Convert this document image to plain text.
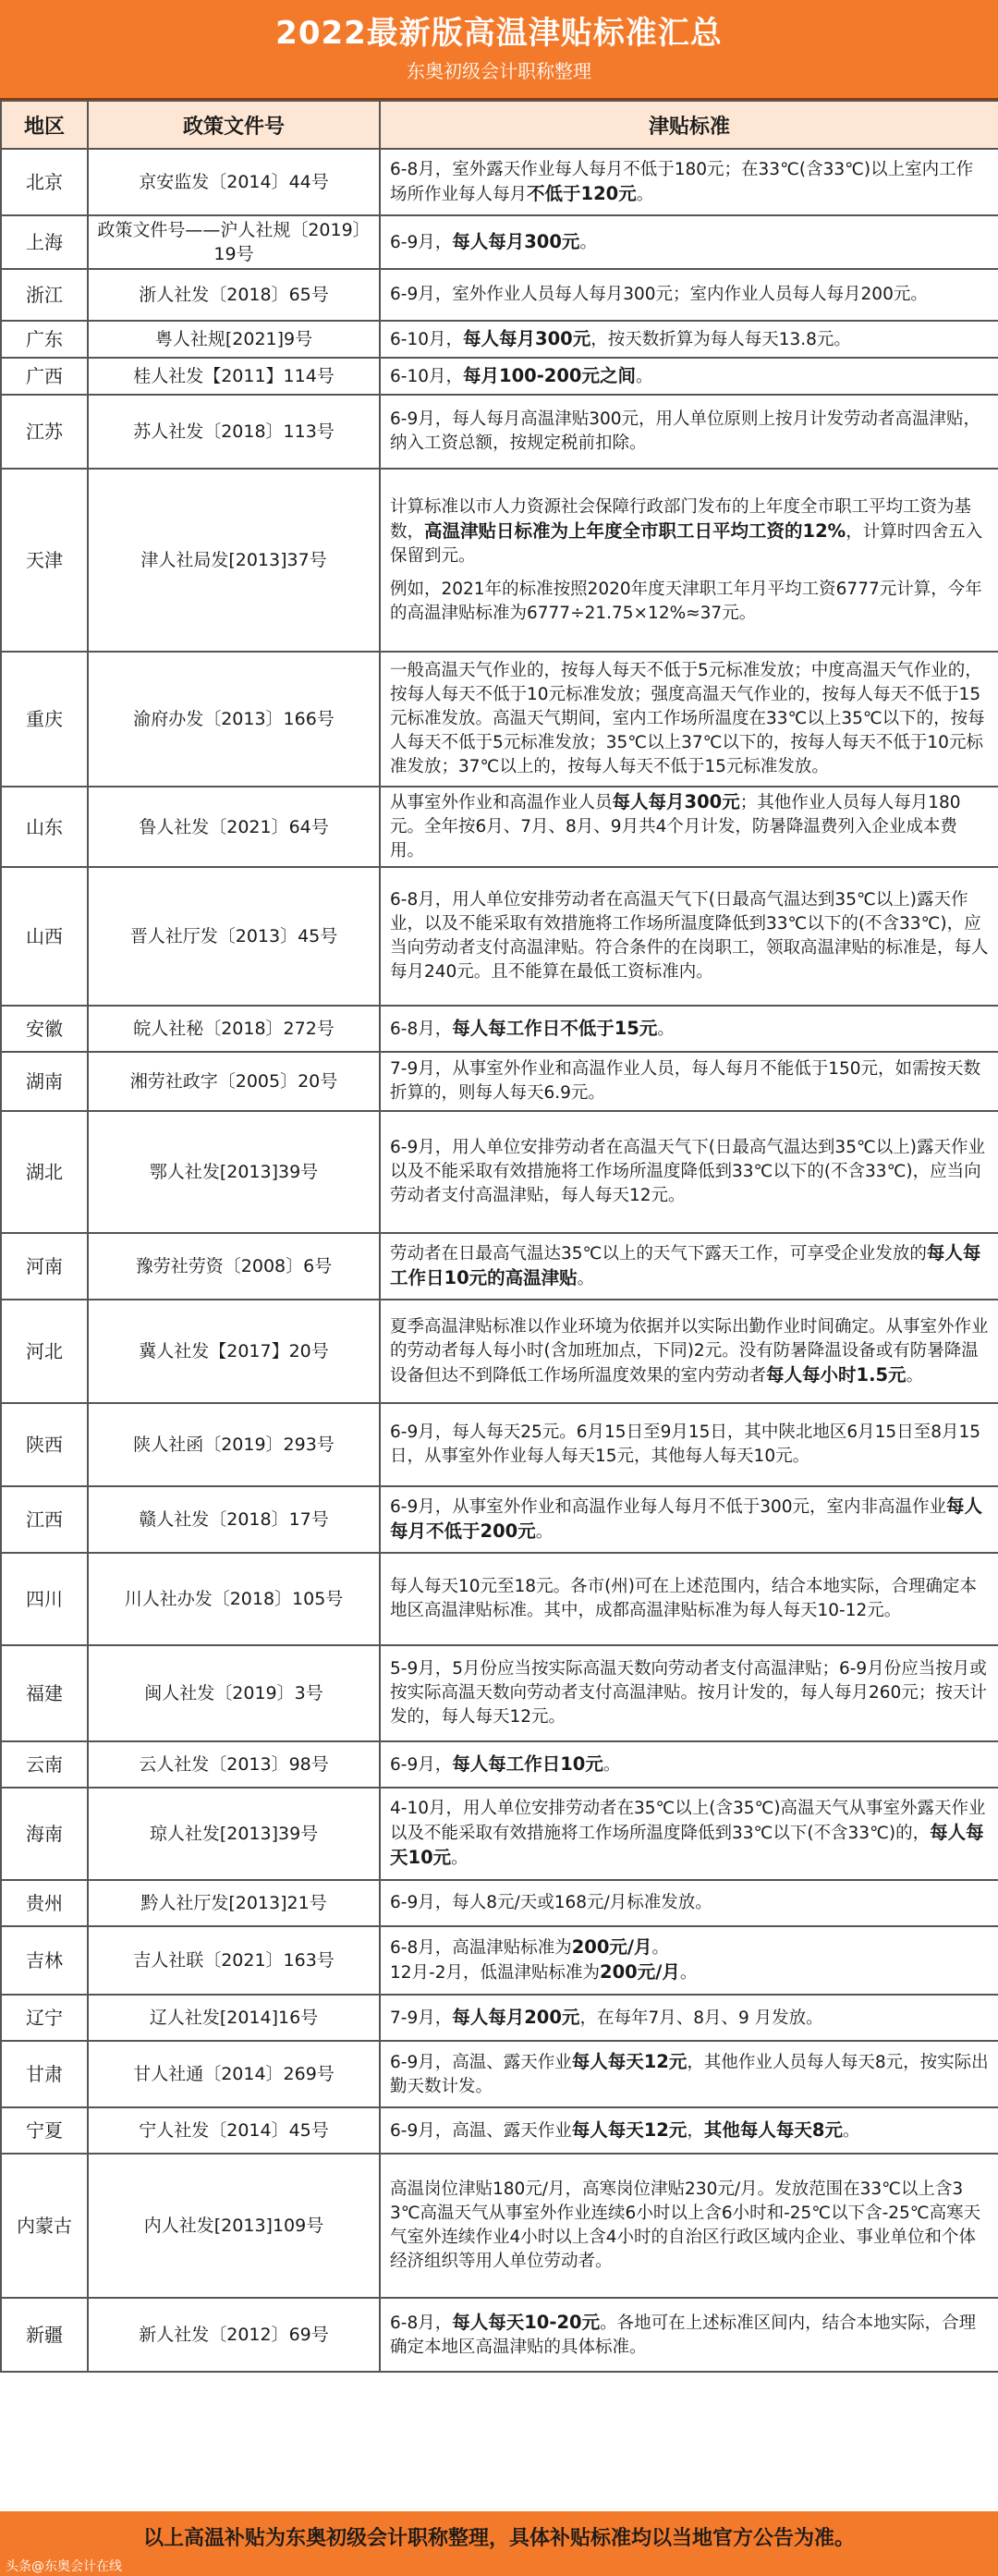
2022最新版高温津贴标准汇总
东奥初级会计职称整理
地区	政策文件号	津贴标准
北京	京安监发〔2014〕44号	6-8月，室外露天作业每人每月不低于180元；在33℃(含33℃)以上室内工作场所作业每人每月不低于120元。

上海	政策文件号——沪人社规〔2019〕19号	6-9月，每人每月300元。

浙江	浙人社发〔2018〕65号	6-9月，室外作业人员每人每月300元；室内作业人员每人每月200元。

广东	粤人社规[2021]9号	6-10月，每人每月300元，按天数折算为每人每天13.8元。

广西	桂人社发【2011】114号	6-10月，每月100-200元之间。

江苏	苏人社发〔2018〕113号	6-9月，每人每月高温津贴300元，用人单位原则上按月计发劳动者高温津贴，纳入工资总额，按规定税前扣除。

天津	津人社局发[2013]37号	计算标准以市人力资源社会保障行政部门发布的上年度全市职工平均工资为基数，高温津贴日标准为上年度全市职工日平均工资的12%，计算时四舍五入保留到元。

例如，2021年的标准按照2020年度天津职工年月平均工资6777元计算，今年的高温津贴标准为6777÷21.75×12%≈37元。

重庆	渝府办发〔2013〕166号	一般高温天气作业的，按每人每天不低于5元标准发放；中度高温天气作业的，按每人每天不低于10元标准发放；强度高温天气作业的，按每人每天不低于15元标准发放。高温天气期间，室内工作场所温度在33℃以上35℃以下的，按每人每天不低于5元标准发放；35℃以上37℃以下的，按每人每天不低于10元标准发放；37℃以上的，按每人每天不低于15元标准发放。

山东	鲁人社发〔2021〕64号	从事室外作业和高温作业人员每人每月300元；其他作业人员每人每月180元。全年按6月、7月、8月、9月共4个月计发，防暑降温费列入企业成本费用。

山西	晋人社厅发〔2013〕45号	6-8月，用人单位安排劳动者在高温天气下(日最高气温达到35℃以上)露天作业，以及不能采取有效措施将工作场所温度降低到33℃以下的(不含33℃)，应当向劳动者支付高温津贴。符合条件的在岗职工，领取高温津贴的标准是，每人每月240元。且不能算在最低工资标准内。

安徽	皖人社秘〔2018〕272号	6-8月，每人每工作日不低于15元。

湖南	湘劳社政字〔2005〕20号	7-9月，从事室外作业和高温作业人员，每人每月不能低于150元，如需按天数折算的，则每人每天6.9元。

湖北	鄂人社发[2013]39号	6-9月，用人单位安排劳动者在高温天气下(日最高气温达到35℃以上)露天作业以及不能采取有效措施将工作场所温度降低到33℃以下的(不含33℃)，应当向劳动者支付高温津贴，每人每天12元。

河南	豫劳社劳资〔2008〕6号	劳动者在日最高气温达35℃以上的天气下露天工作，可享受企业发放的每人每工作日10元的高温津贴。

河北	冀人社发【2017】20号	夏季高温津贴标准以作业环境为依据并以实际出勤作业时间确定。从事室外作业的劳动者每人每小时(含加班加点，下同)2元。没有防暑降温设备或有防暑降温设备但达不到降低工作场所温度效果的室内劳动者每人每小时1.5元。

陕西	陕人社函〔2019〕293号	6-9月，每人每天25元。6月15日至9月15日，其中陕北地区6月15日至8月15日，从事室外作业每人每天15元，其他每人每天10元。

江西	赣人社发〔2018〕17号	6-9月，从事室外作业和高温作业每人每月不低于300元，室内非高温作业每人每月不低于200元。

四川	川人社办发〔2018〕105号	每人每天10元至18元。各市(州)可在上述范围内，结合本地实际，合理确定本地区高温津贴标准。其中，成都高温津贴标准为每人每天10-12元。

福建	闽人社发〔2019〕3号	5-9月，5月份应当按实际高温天数向劳动者支付高温津贴；6-9月份应当按月或按实际高温天数向劳动者支付高温津贴。按月计发的，每人每月260元；按天计发的，每人每天12元。

云南	云人社发〔2013〕98号	6-9月，每人每工作日10元。

海南	琼人社发[2013]39号	4-10月，用人单位安排劳动者在35℃以上(含35℃)高温天气从事室外露天作业以及不能采取有效措施将工作场所温度降低到33℃以下(不含33℃)的，每人每天10元。

贵州	黔人社厅发[2013]21号	6-9月，每人8元/天或168元/月标准发放。

吉林	吉人社联〔2021〕163号	6-8月，高温津贴标准为200元/月。
12月-2月，低温津贴标准为200元/月。

辽宁	辽人社发[2014]16号	7-9月，每人每月200元，在每年7月、8月、9 月发放。

甘肃	甘人社通〔2014〕269号	6-9月，高温、露天作业每人每天12元，其他作业人员每人每天8元，按实际出勤天数计发。

宁夏	宁人社发〔2014〕45号	6-9月，高温、露天作业每人每天12元，其他每人每天8元。

内蒙古	内人社发[2013]109号	高温岗位津贴180元/月，高寒岗位津贴230元/月。发放范围在33℃以上含33℃高温天气从事室外作业连续6小时以上含6小时和-25℃以下含-25℃高寒天气室外连续作业4小时以上含4小时的自治区行政区域内企业、事业单位和个体经济组织等用人单位劳动者。

新疆	新人社发〔2012〕69号	6-8月，每人每天10-20元。各地可在上述标准区间内，结合本地实际，合理确定本地区高温津贴的具体标准。

以上高温补贴为东奥初级会计职称整理，具体补贴标准均以当地官方公告为准。
头条@东奥会计在线
